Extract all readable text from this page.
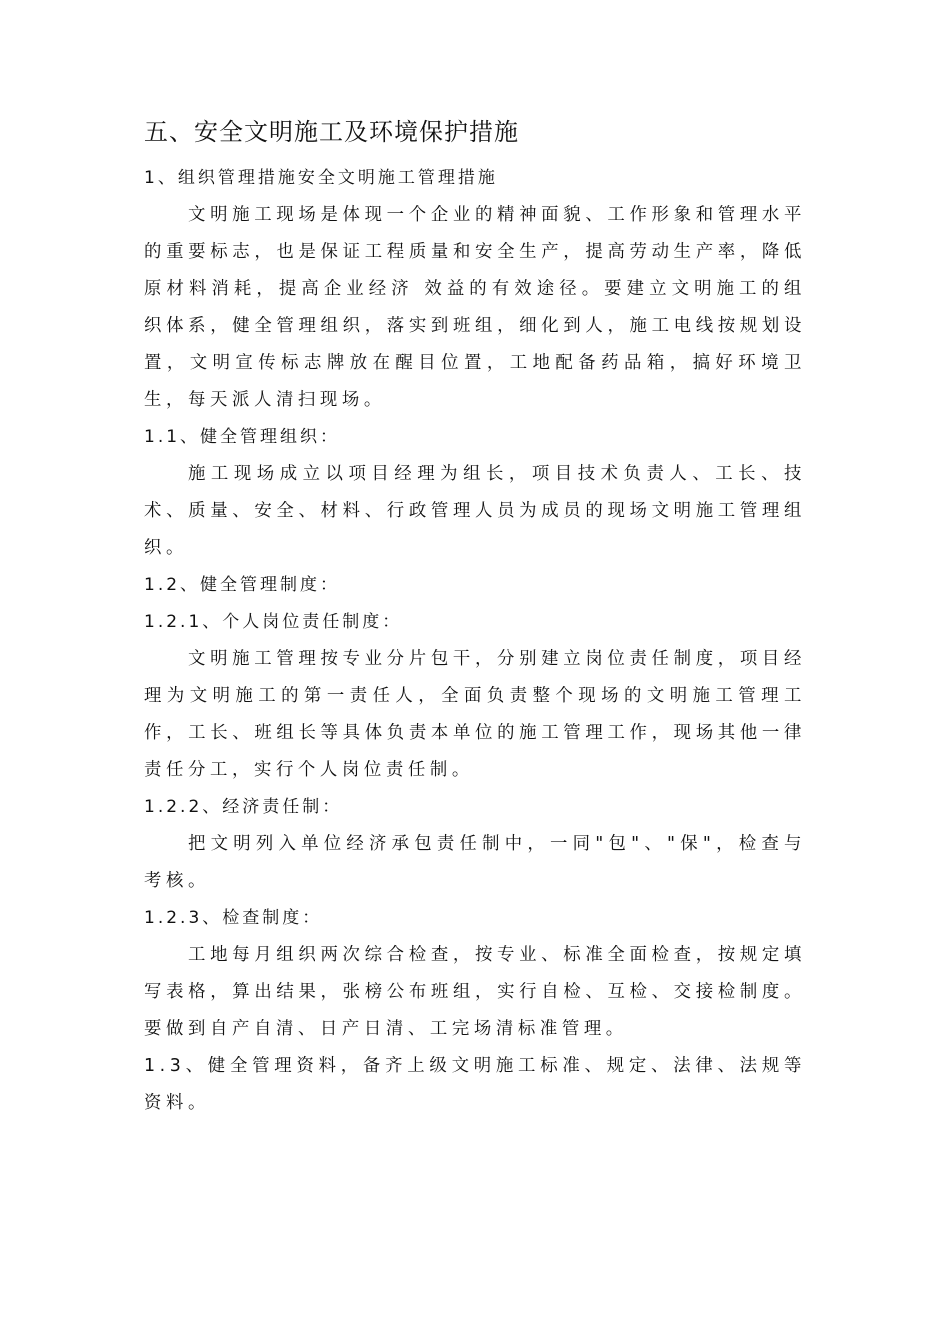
五、安全文明施工及环境保护措施

1、组织管理措施安全文明施工管理措施

文明施工现场是体现一个企业的精神面貌、工作形象和管理水平的重要标志，也是保证工程质量和安全生产，提高劳动生产率，降低原材料消耗，提高企业经济 效益的有效途径。要建立文明施工的组织体系，健全管理组织，落实到班组，细化到人，施工电线按规划设置，文明宣传标志牌放在醒目位置，工地配备药品箱，搞好环境卫生，每天派人清扫现场。

1.1、健全管理组织：

施工现场成立以项目经理为组长，项目技术负责人、工长、技术、质量、安全、材料、行政管理人员为成员的现场文明施工管理组织。

1.2、健全管理制度：

1.2.1、个人岗位责任制度：

文明施工管理按专业分片包干，分别建立岗位责任制度，项目经理为文明施工的第一责任人，全面负责整个现场的文明施工管理工作，工长、班组长等具体负责本单位的施工管理工作，现场其他一律责任分工，实行个人岗位责任制。

1.2.2、经济责任制：

把文明列入单位经济承包责任制中，一同"包"、"保"，检查与考核。

1.2.3、检查制度：

工地每月组织两次综合检查，按专业、标准全面检查，按规定填写表格，算出结果，张榜公布班组，实行自检、互检、交接检制度。要做到自产自清、日产日清、工完场清标准管理。

1.3、健全管理资料，备齐上级文明施工标准、规定、法律、法规等资料。
